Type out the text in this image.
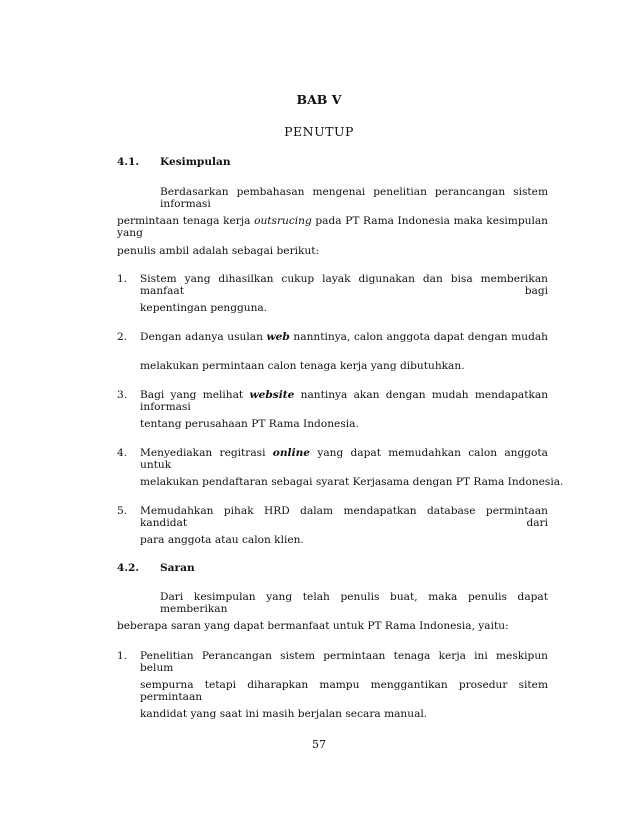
BAB V
PENUTUP
4.1. Kesimpulan
Berdasarkan pembahasan mengenai penelitian perancangan sistem informasi
permintaan tenaga kerja outsrucing pada PT Rama Indonesia maka kesimpulan yang
penulis ambil adalah sebagai berikut:
1. Sistem yang dihasilkan cukup layak digunakan dan bisa memberikan manfaat bagi
kepentingan pengguna.
2. Dengan adanya usulan web nanntinya, calon anggota dapat dengan mudah
melakukan permintaan calon tenaga kerja yang dibutuhkan.
3. Bagi yang melihat website nantinya akan dengan mudah mendapatkan informasi
tentang perusahaan PT Rama Indonesia.
4. Menyediakan regitrasi online yang dapat memudahkan calon anggota untuk
melakukan pendaftaran sebagai syarat Kerjasama dengan PT Rama Indonesia.
5. Memudahkan pihak HRD dalam mendapatkan database permintaan kandidat dari
para anggota atau calon klien.
4.2. Saran
Dari kesimpulan yang telah penulis buat, maka penulis dapat memberikan
beberapa saran yang dapat bermanfaat untuk PT Rama Indonesia, yaitu:
1. Penelitian Perancangan sistem permintaan tenaga kerja ini meskipun belum
sempurna tetapi diharapkan mampu menggantikan prosedur sitem permintaan
kandidat yang saat ini masih berjalan secara manual.
57
